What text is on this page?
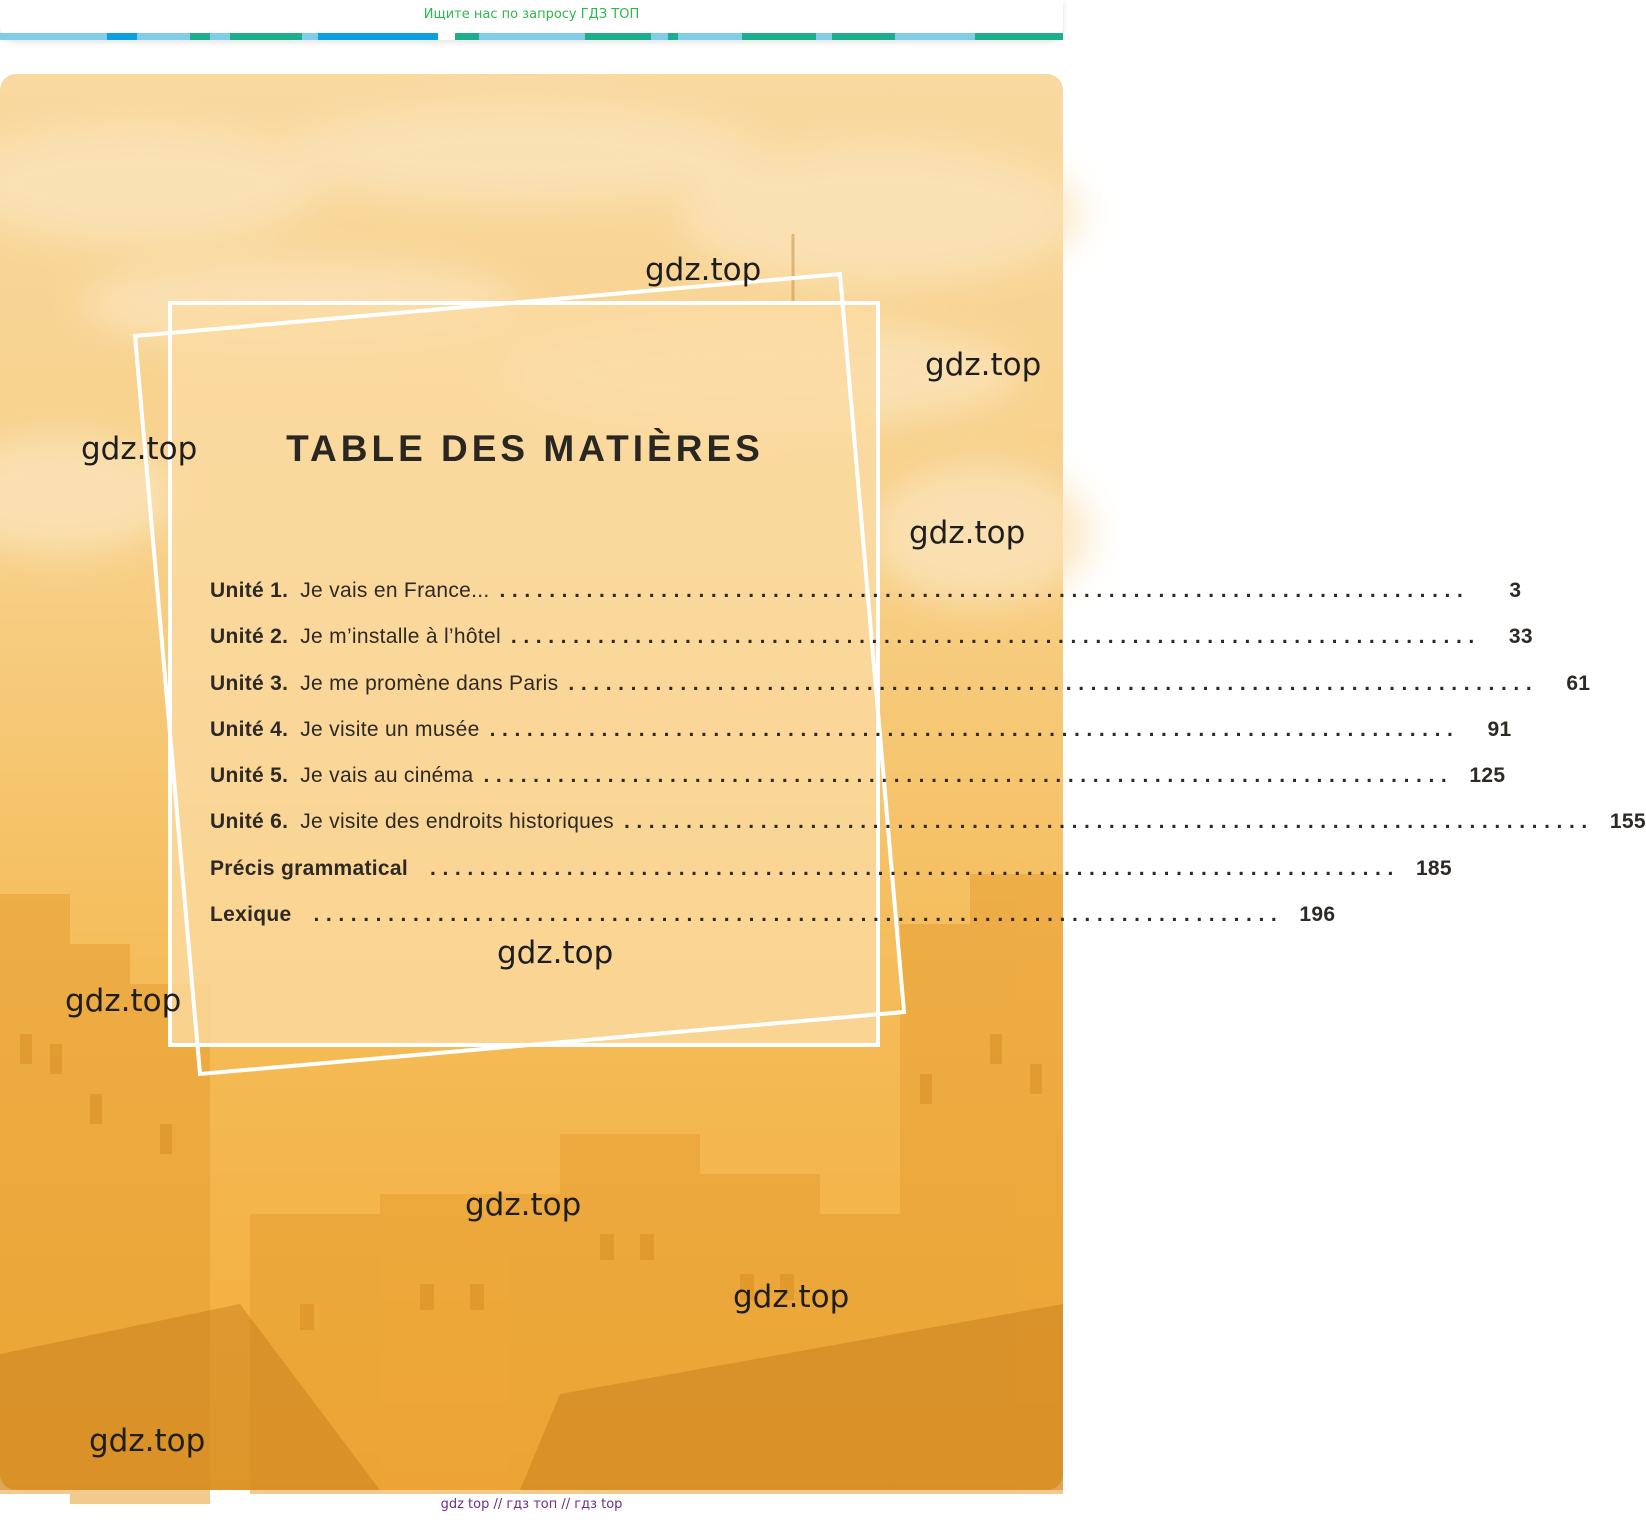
Ищите нас по запросу ГДЗ ТОП
TABLE DES MATIÈRES
Unité 1. Je vais en France... ..............................................................................	3
Unité 2. Je m’installe à l’hôtel ..............................................................................	33
Unité 3. Je me promène dans Paris ..............................................................................	61
Unité 4. Je visite un musée ..............................................................................	91
Unité 5. Je vais au cinéma .............................................................................. 125
Unité 6. Je visite des endroits historiques .............................................................................. 155
Précis grammatical .............................................................................. 185
Lexique .............................................................................. 196
gdz.top
gdz.top
gdz.top
gdz.top
gdz.top
gdz.top
gdz.top
gdz.top
gdz.top
gdz top // гдз топ // гдз top
